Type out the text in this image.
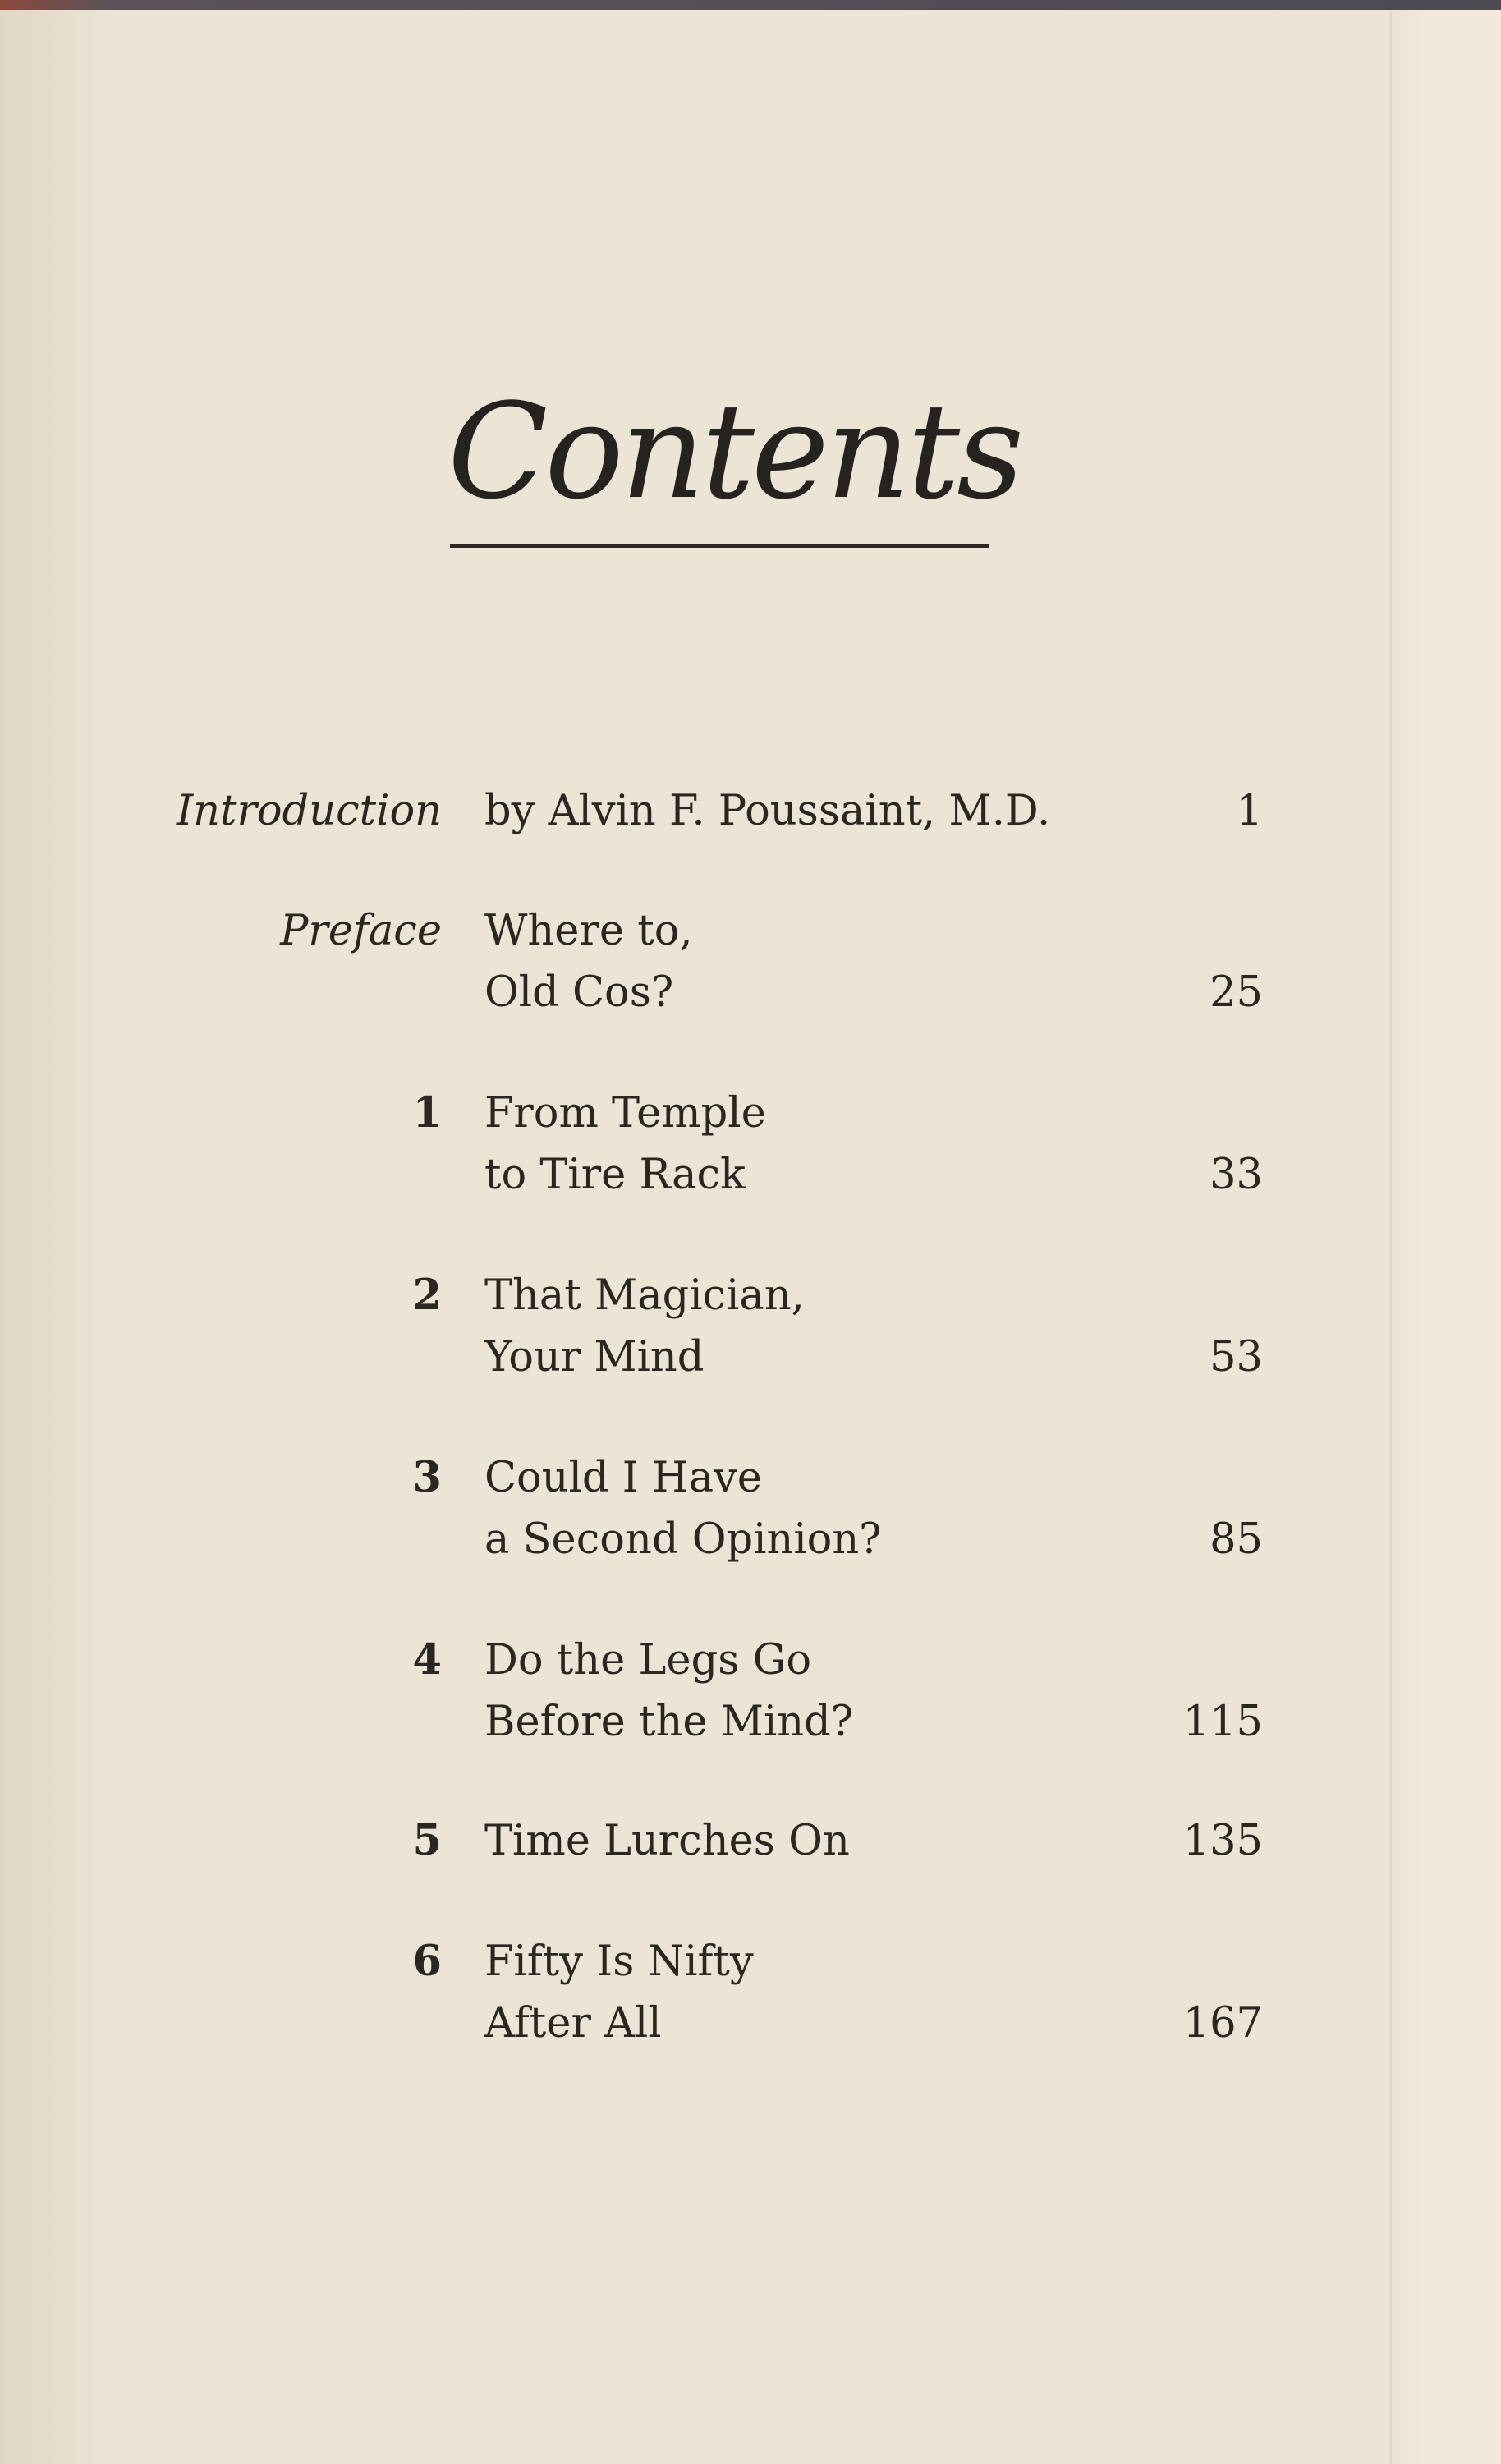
Contents
Introduction by Alvin F. Poussaint, M.D.	1
Preface Where to,
Old Cos?	25
1 From Temple
to Tire Rack	33
2 That Magician,
Your Mind	53
3 Could I Have
a Second Opinion?	85
4 Do the Legs Go
Before the Mind?	115
5 Time Lurches On	135
6 Fifty Is Nifty
After All	167
